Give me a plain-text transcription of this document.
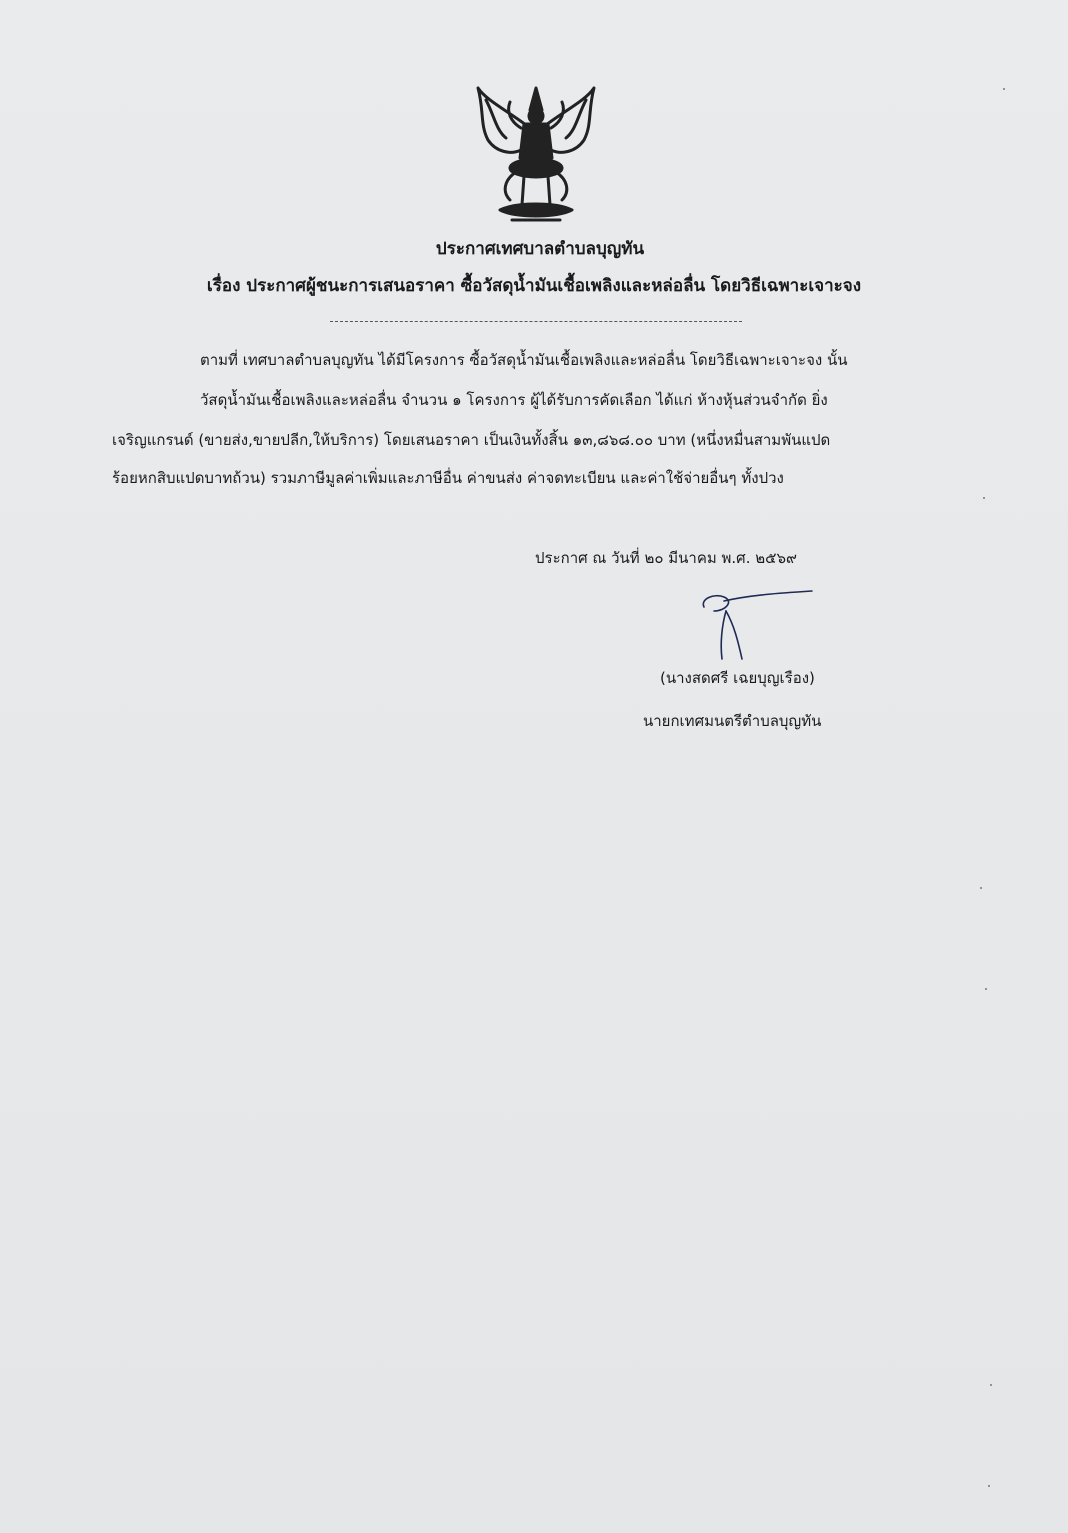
ประกาศเทศบาลตำบลบุญทัน
เรื่อง ประกาศผู้ชนะการเสนอราคา ซื้อวัสดุน้ำมันเชื้อเพลิงและหล่อลื่น โดยวิธีเฉพาะเจาะจง
ตามที่ เทศบาลตำบลบุญทัน ได้มีโครงการ ซื้อวัสดุน้ำมันเชื้อเพลิงและหล่อลื่น โดยวิธีเฉพาะเจาะจง นั้น
วัสดุน้ำมันเชื้อเพลิงและหล่อลื่น จำนวน ๑ โครงการ ผู้ได้รับการคัดเลือก ได้แก่ ห้างหุ้นส่วนจำกัด ยิ่ง
เจริญแกรนด์ (ขายส่ง,ขายปลีก,ให้บริการ) โดยเสนอราคา เป็นเงินทั้งสิ้น ๑๓,๘๖๘.๐๐ บาท (หนึ่งหมื่นสามพันแปด
ร้อยหกสิบแปดบาทถ้วน) รวมภาษีมูลค่าเพิ่มและภาษีอื่น ค่าขนส่ง ค่าจดทะเบียน และค่าใช้จ่ายอื่นๆ ทั้งปวง
ประกาศ ณ วันที่ ๒๐ มีนาคม พ.ศ. ๒๕๖๙
(นางสดศรี เฉยบุญเรือง)
นายกเทศมนตรีตำบลบุญทัน
